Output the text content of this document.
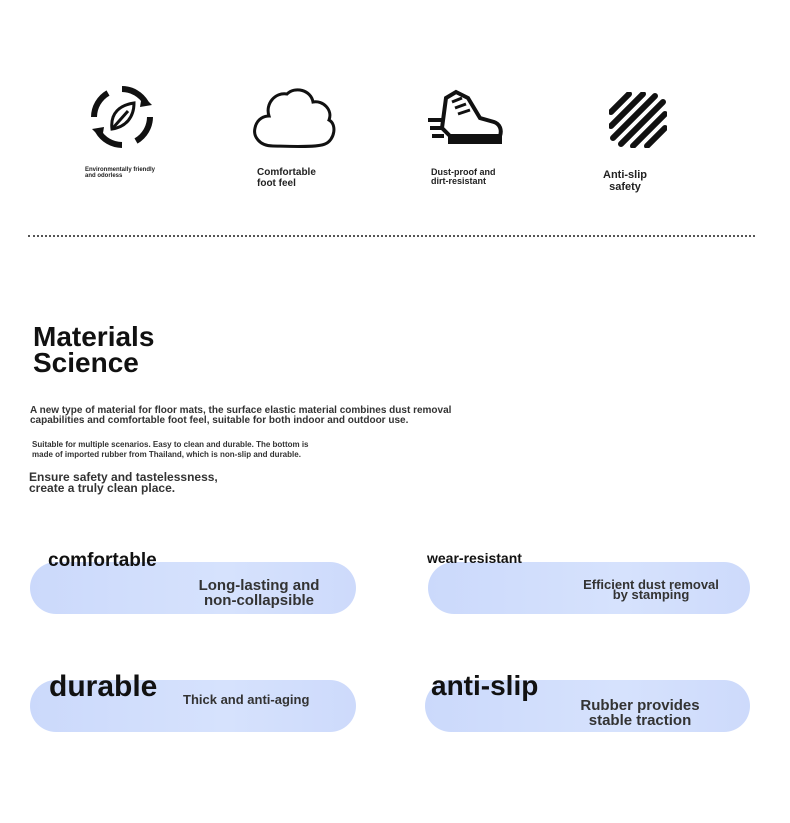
Environmentally friendly
and odorless	Comfortable
foot feel
Dust-proof and
dirt-resistant
Anti-slip
safety
Materials
Science
A new type of material for floor mats, the surface elastic material combines dust removal
capabilities and comfortable foot feel, suitable for both indoor and outdoor use.
Suitable for multiple scenarios. Easy to clean and durable. The bottom is
made of imported rubber from Thailand, which is non-slip and durable.
Ensure safety and tastelessness,
create a truly clean place.
comfortable
Long-lasting and
non-collapsible
wear-resistant
Efficient dust removal
by stamping
durable Thick and anti-aging	anti-slip
Rubber provides
stable traction
